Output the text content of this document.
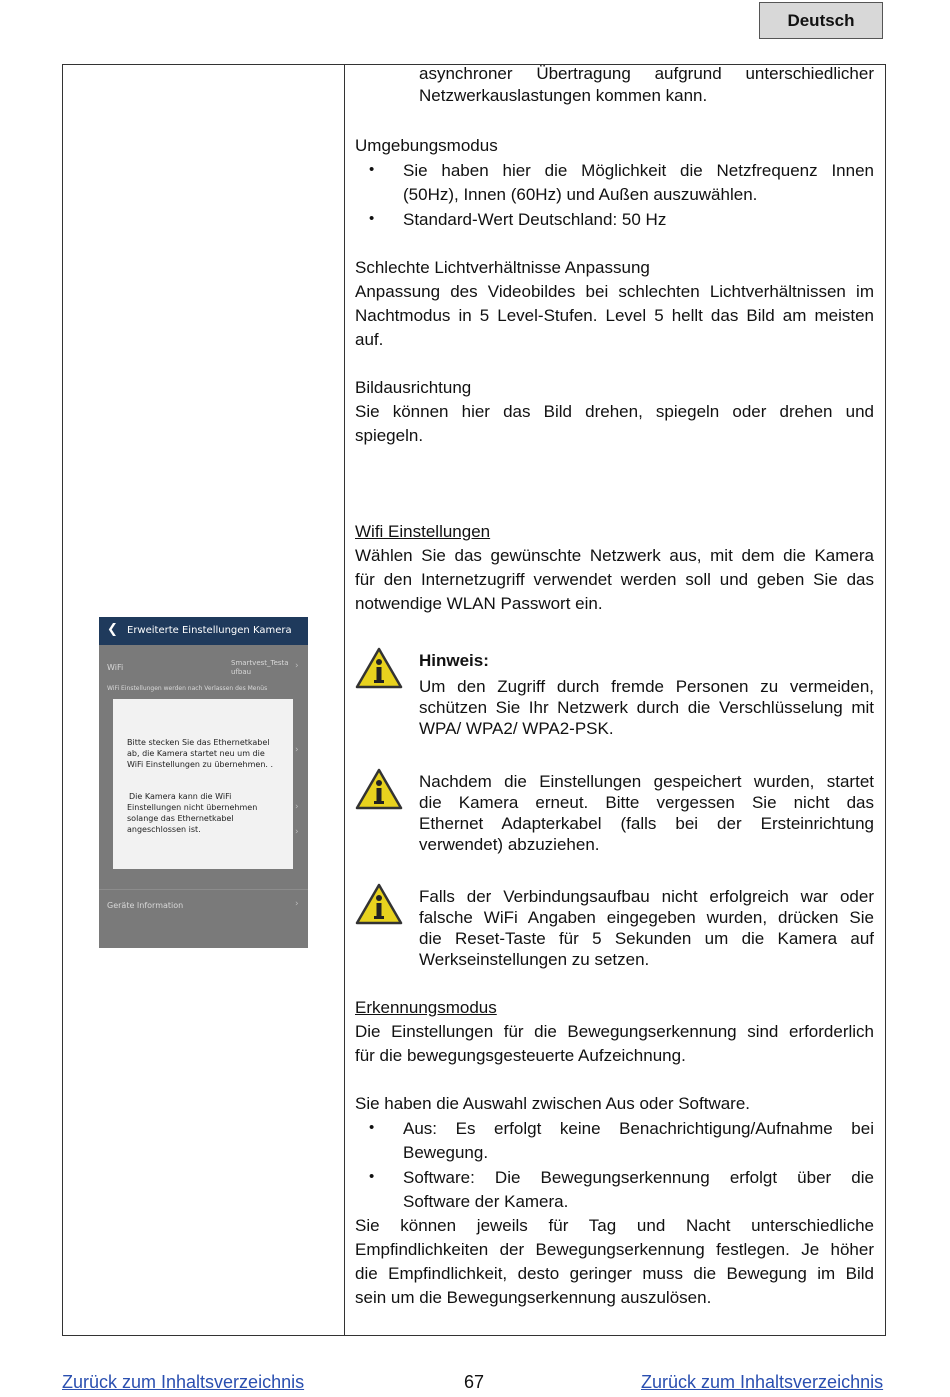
Deutsch
asynchroner Übertragung aufgrund unterschiedlicher
Netzwerkauslastungen kommen kann.
Umgebungsmodus
• Sie haben hier die Möglichkeit die Netzfrequenz Innen
(50Hz), Innen (60Hz) und Außen auszuwählen.
• Standard-Wert Deutschland: 50 Hz
Schlechte Lichtverhältnisse Anpassung
Anpassung des Videobildes bei schlechten Lichtverhältnissen im
Nachtmodus in 5 Level-Stufen. Level 5 hellt das Bild am meisten
auf.
Bildausrichtung
Sie können hier das Bild drehen, spiegeln oder drehen und
spiegeln.
Wifi Einstellungen
Wählen Sie das gewünschte Netzwerk aus, mit dem die Kamera
für den Internetzugriff verwendet werden soll und geben Sie das
notwendige WLAN Passwort ein.
Hinweis:
Um den Zugriff durch fremde Personen zu vermeiden,
schützen Sie Ihr Netzwerk durch die Verschlüsselung mit
WPA/ WPA2/ WPA2-PSK.
Nachdem die Einstellungen gespeichert wurden, startet
die Kamera erneut. Bitte vergessen Sie nicht das
Ethernet Adapterkabel (falls bei der Ersteinrichtung
verwendet) abzuziehen.
Falls der Verbindungsaufbau nicht erfolgreich war oder
falsche WiFi Angaben eingegeben wurden, drücken Sie
die Reset-Taste für 5 Sekunden um die Kamera auf
Werkseinstellungen zu setzen.
Erkennungsmodus
Die Einstellungen für die Bewegungserkennung sind erforderlich
für die bewegungsgesteuerte Aufzeichnung.
Sie haben die Auswahl zwischen Aus oder Software.
• Aus: Es erfolgt keine Benachrichtigung/Aufnahme bei
Bewegung.
• Software: Die Bewegungserkennung erfolgt über die
Software der Kamera.
Sie können jeweils für Tag und Nacht unterschiedliche
Empfindlichkeiten der Bewegungserkennung festlegen. Je höher
die Empfindlichkeit, desto geringer muss die Bewegung im Bild
sein um die Bewegungserkennung auszulösen.
❮ Erweiterte Einstellungen Kamera
WiFi	Smartvest_Testa
ufbau
›
WiFi Einstellungen werden nach Verlassen des Menüs
›
›
›
Bitte stecken Sie das Ethernetkabel
ab, die Kamera startet neu um die
WiFi Einstellungen zu übernehmen. .
Die Kamera kann die WiFi
Einstellungen nicht übernehmen
solange das Ethernetkabel
angeschlossen ist.
Geräte Information	›
Zurück zum Inhaltsverzeichnis	67	Zurück zum Inhaltsverzeichnis
